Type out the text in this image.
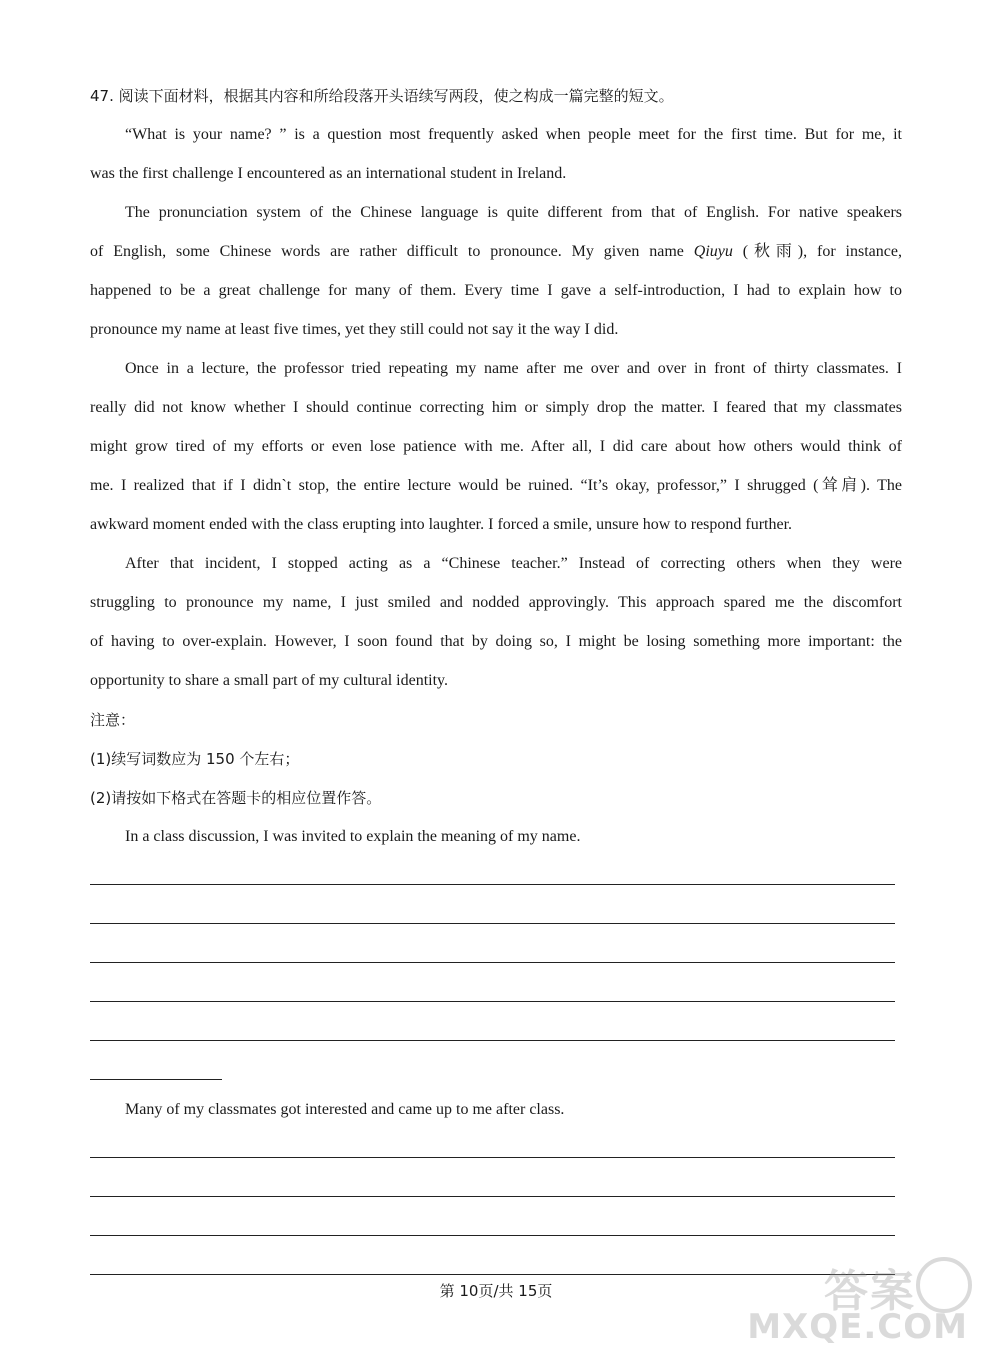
47. 阅读下面材料，根据其内容和所给段落开头语续写两段，使之构成一篇完整的短文。
“What is your name? ” is a question most frequently asked when people meet for the first time. But for me, it
was the first challenge I encountered as an international student in Ireland.
The pronunciation system of the Chinese language is quite different from that of English. For native speakers
of English, some Chinese words are rather difficult to pronounce. My given name Qiuyu (秋雨), for instance,
happened to be a great challenge for many of them. Every time I gave a self-introduction, I had to explain how to
pronounce my name at least five times, yet they still could not say it the way I did.
Once in a lecture, the professor tried repeating my name after me over and over in front of thirty classmates. I
really did not know whether I should continue correcting him or simply drop the matter. I feared that my classmates
might grow tired of my efforts or even lose patience with me. After all, I did care about how others would think of
me. I realized that if I didn`t stop, the entire lecture would be ruined. “It’s okay, professor,” I shrugged (耸肩). The
awkward moment ended with the class erupting into laughter. I forced a smile, unsure how to respond further.
After that incident, I stopped acting as a “Chinese teacher.” Instead of correcting others when they were
struggling to pronounce my name, I just smiled and nodded approvingly. This approach spared me the discomfort
of having to over-explain. However, I soon found that by doing so, I might be losing something more important: the
opportunity to share a small part of my cultural identity.
注意：
(1)续写词数应为 150 个左右；
(2)请按如下格式在答题卡的相应位置作答。
In a class discussion, I was invited to explain the meaning of my name.
Many of my classmates got interested and came up to me after class.
第 10页/共 15页	答案
MXQE.COM
